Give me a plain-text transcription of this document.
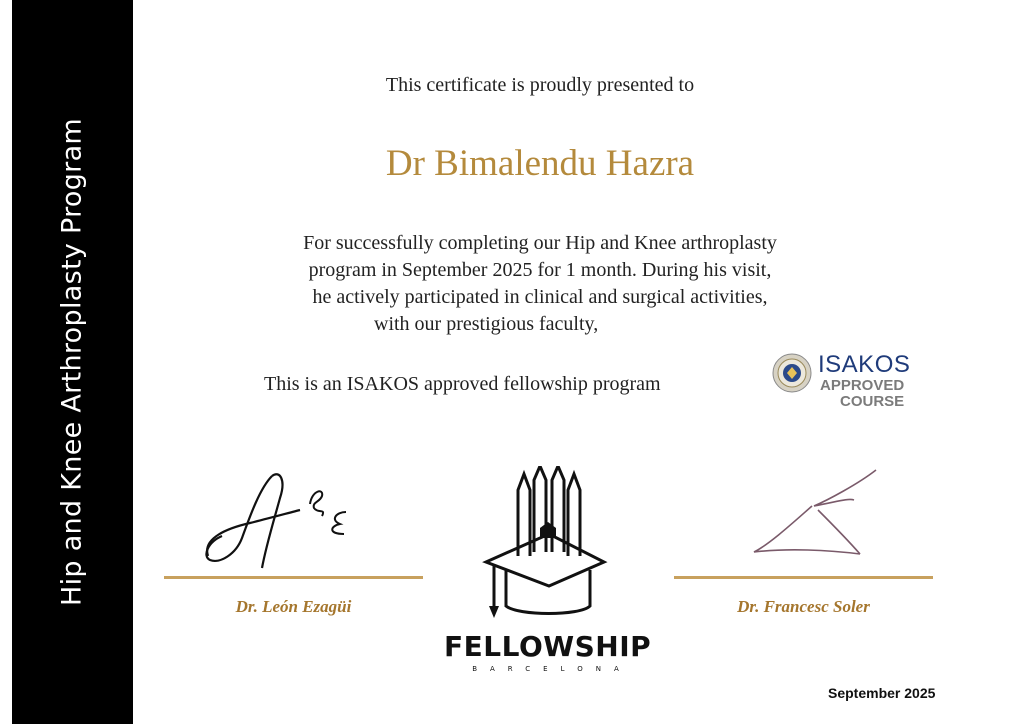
Hip and Knee Arthroplasty Program
This certificate is proudly presented to
Dr Bimalendu Hazra
For successfully completing our Hip and Knee arthroplasty
program in September 2025 for 1 month. During his visit,
he actively participated in clinical and surgical activities,
with our prestigious faculty,
This is an ISAKOS approved fellowship program
ISAKOS
APPROVED
COURSE
Dr. León Ezagüi	Dr. Francesc Soler
FELLOWSHIP
BARCELONA
September 2025
